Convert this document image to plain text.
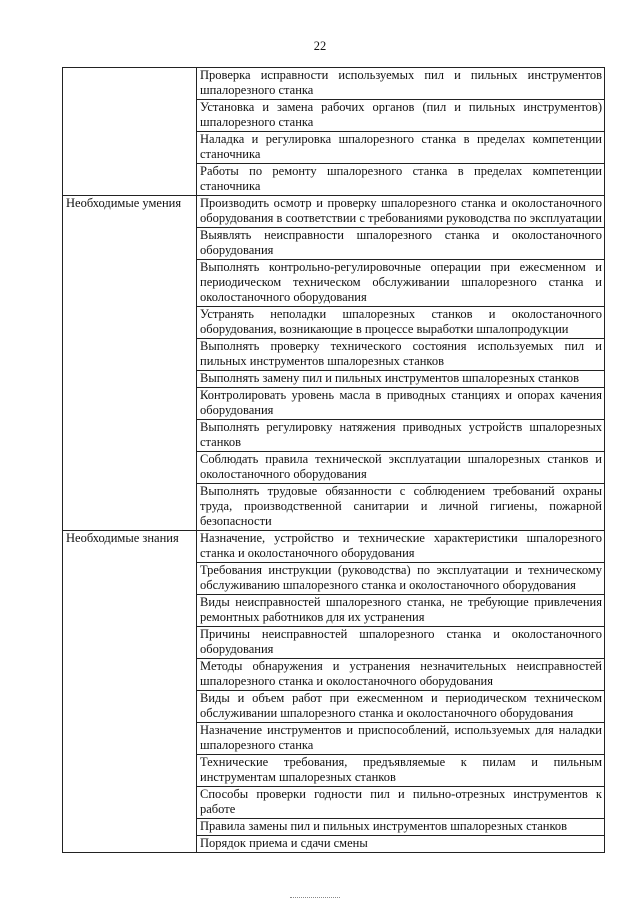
22
	Проверка исправности используемых пил и пильных инструментов шпалорезного станка
	Установка и замена рабочих органов (пил и пильных инструментов) шпалорезного станка
	Наладка и регулировка шпалорезного станка в пределах компетенции станочника
	Работы по ремонту шпалорезного станка в пределах компетенции станочника
Необходимые умения	Производить осмотр и проверку шпалорезного станка и околостаночного оборудования в соответствии с требованиями руководства по эксплуатации
	Выявлять неисправности шпалорезного станка и околостаночного оборудования
	Выполнять контрольно-регулировочные операции при ежесменном и периодическом техническом обслуживании шпалорезного станка и околостаночного оборудования
	Устранять неполадки шпалорезных станков и околостаночного оборудования, возникающие в процессе выработки шпалопродукции
	Выполнять проверку технического состояния используемых пил и пильных инструментов шпалорезных станков
	Выполнять замену пил и пильных инструментов шпалорезных станков
	Контролировать уровень масла в приводных станциях и опорах качения оборудования
	Выполнять регулировку натяжения приводных устройств шпалорезных станков
	Соблюдать правила технической эксплуатации шпалорезных станков и околостаночного оборудования
	Выполнять трудовые обязанности с соблюдением требований охраны труда, производственной санитарии и личной гигиены, пожарной безопасности
Необходимые знания	Назначение, устройство и технические характеристики шпалорезного станка и околостаночного оборудования
	Требования инструкции (руководства) по эксплуатации и техническому обслуживанию шпалорезного станка и околостаночного оборудования
	Виды неисправностей шпалорезного станка, не требующие привлечения ремонтных работников для их устранения
	Причины неисправностей шпалорезного станка и околостаночного оборудования
	Методы обнаружения и устранения незначительных неисправностей шпалорезного станка и околостаночного оборудования
	Виды и объем работ при ежесменном и периодическом техническом обслуживании шпалорезного станка и околостаночного оборудования
	Назначение инструментов и приспособлений, используемых для наладки шпалорезного станка
	Технические требования, предъявляемые к пилам и пильным инструментам шпалорезных станков
	Способы проверки годности пил и пильно-отрезных инструментов к работе
	Правила замены пил и пильных инструментов шпалорезных станков
	Порядок приема и сдачи смены
